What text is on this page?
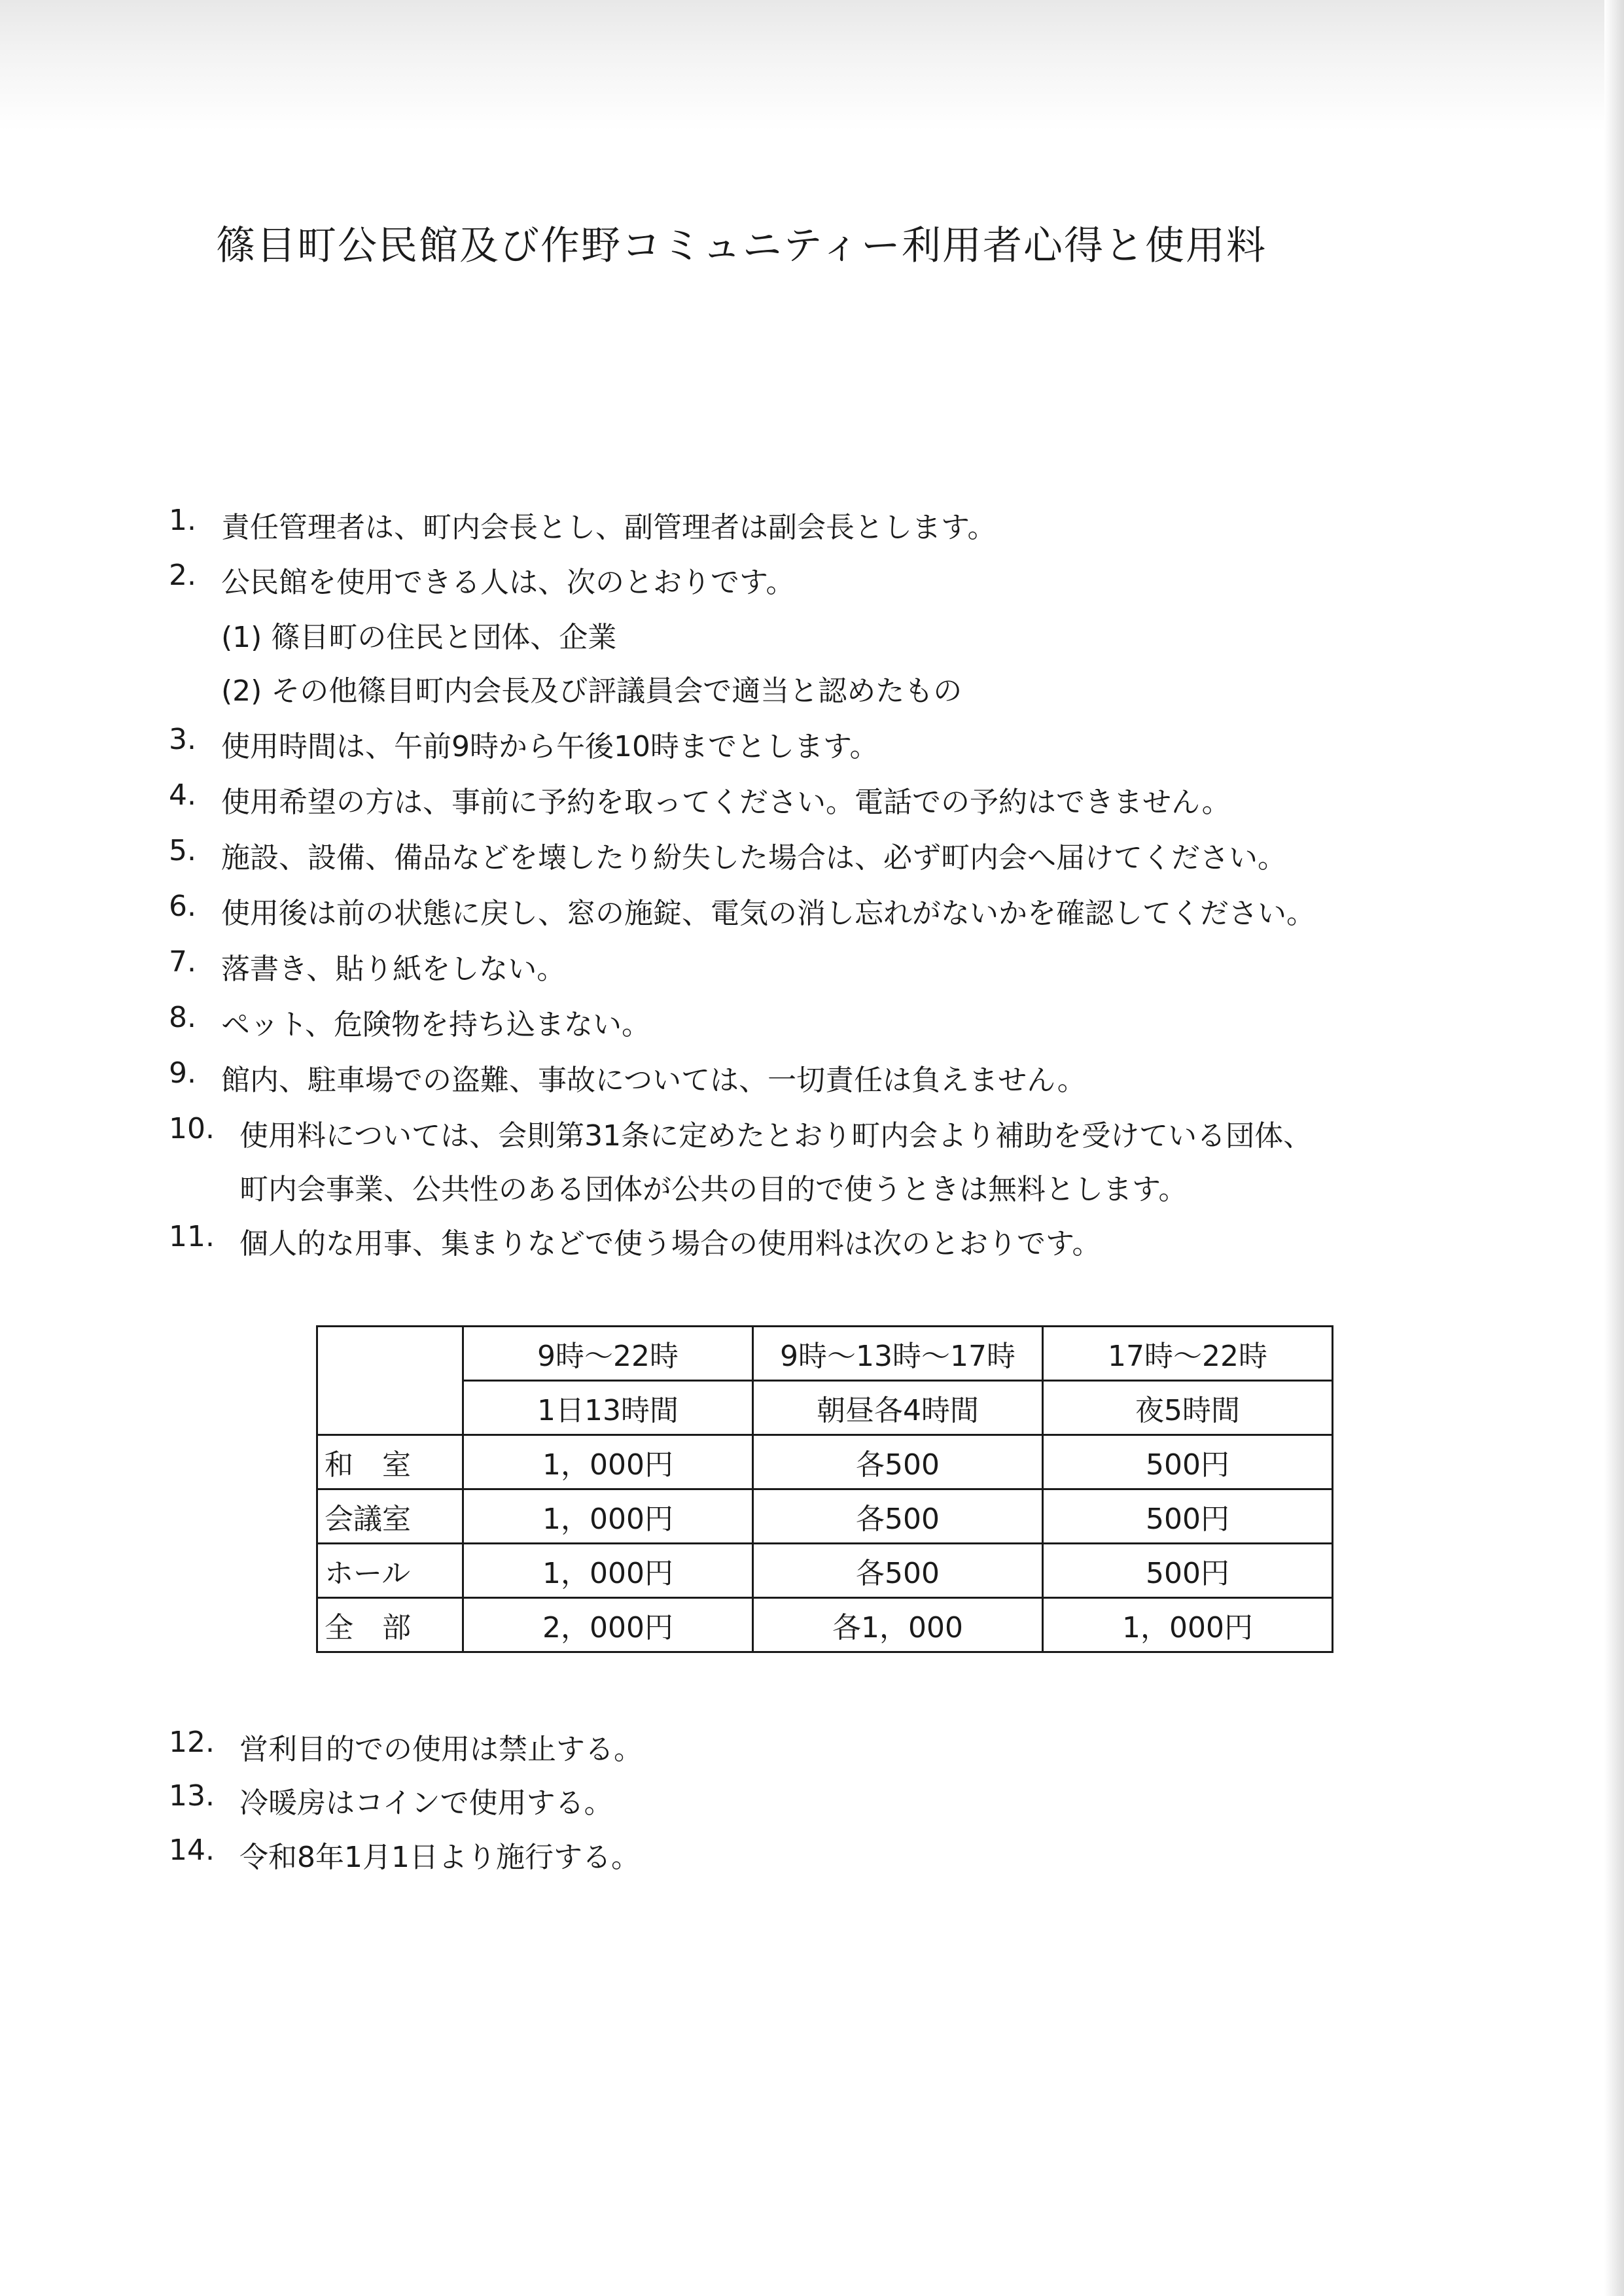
篠目町公民館及び作野コミュニティー利用者心得と使用料
1. 責任管理者は、町内会長とし、副管理者は副会長とします。
2. 公民館を使用できる人は、次のとおりです。
(1) 篠目町の住民と団体、企業
(2) その他篠目町内会長及び評議員会で適当と認めたもの
3. 使用時間は、午前9時から午後10時までとします。
4. 使用希望の方は、事前に予約を取ってください。電話での予約はできません。
5. 施設、設備、備品などを壊したり紛失した場合は、必ず町内会へ届けてください。
6. 使用後は前の状態に戻し、窓の施錠、電気の消し忘れがないかを確認してください。
7. 落書き、貼り紙をしない。
8. ペット、危険物を持ち込まない。
9. 館内、駐車場での盗難、事故については、一切責任は負えません。
10. 使用料については、会則第31条に定めたとおり町内会より補助を受けている団体、
町内会事業、公共性のある団体が公共の目的で使うときは無料とします。
11. 個人的な用事、集まりなどで使う場合の使用料は次のとおりです。
	9時～22時	9時～13時～17時	17時～22時
	1日13時間	朝昼各4時間	夜5時間
和　室	1，000円	各500	500円
会議室	1，000円	各500	500円
ホール	1，000円	各500	500円
全　部	2，000円	各1，000	1，000円
12. 営利目的での使用は禁止する。
13. 冷暖房はコインで使用する。
14. 令和8年1月1日より施行する。
